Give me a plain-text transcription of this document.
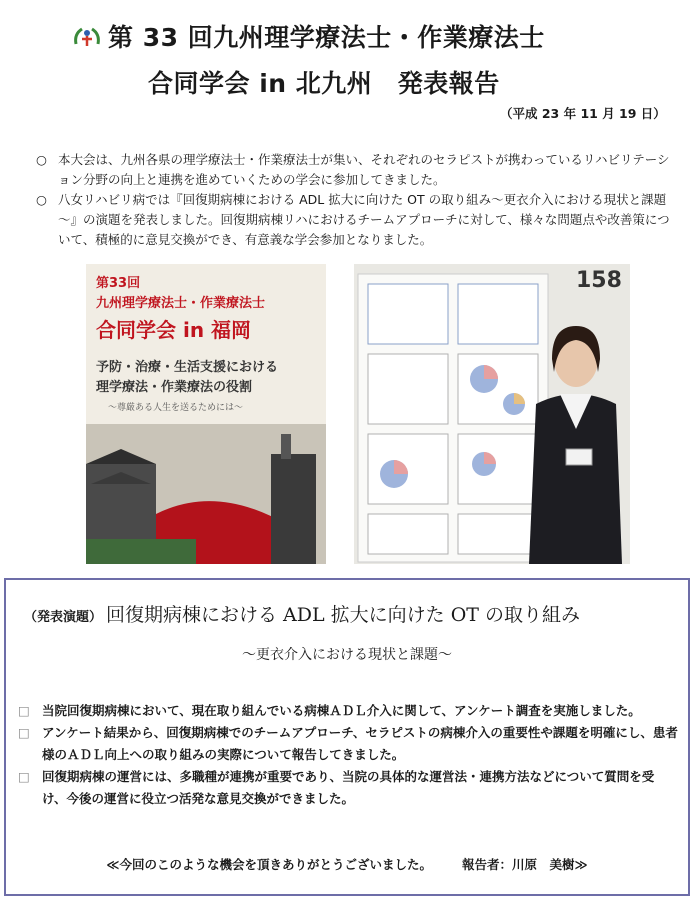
第 33 回九州理学療法士・作業療法士
合同学会 in 北九州　発表報告
（平成 23 年 11 月 19 日）
○ 本大会は、九州各県の理学療法士・作業療法士が集い、それぞれのセラピストが携わっているリハビリテーション分野の向上と連携を進めていくための学会に参加してきました。
○ 八女リハビリ病では『回復期病棟における ADL 拡大に向けた OT の取り組み～更衣介入における現状と課題～』の演題を発表しました。回復期病棟リハにおけるチームアプローチに対して、様々な問題点や改善策について、積極的に意見交換ができ、有意義な学会参加となりました。
第33回
九州理学療法士・作業療法士
合同学会 in 福岡
予防・治療・生活支援における
理学療法・作業療法の役割
～尊厳ある人生を送るためには～
158
（発表演題） 回復期病棟における ADL 拡大に向けた OT の取り組み
～更衣介入における現状と課題～
□ 当院回復期病棟において、現在取り組んでいる病棟ＡＤＬ介入に関して、アンケート調査を実施しました。
□ アンケート結果から、回復期病棟でのチームアプローチ、セラピストの病棟介入の重要性や課題を明確にし、患者様のＡＤＬ向上への取り組みの実際について報告してきました。
□ 回復期病棟の運営には、多職種が連携が重要であり、当院の具体的な運営法・連携方法などについて質問を受け、今後の運営に役立つ活発な意見交換ができました。
≪今回のこのような機会を頂きありがとうございました。 報告者：川原　美樹≫
